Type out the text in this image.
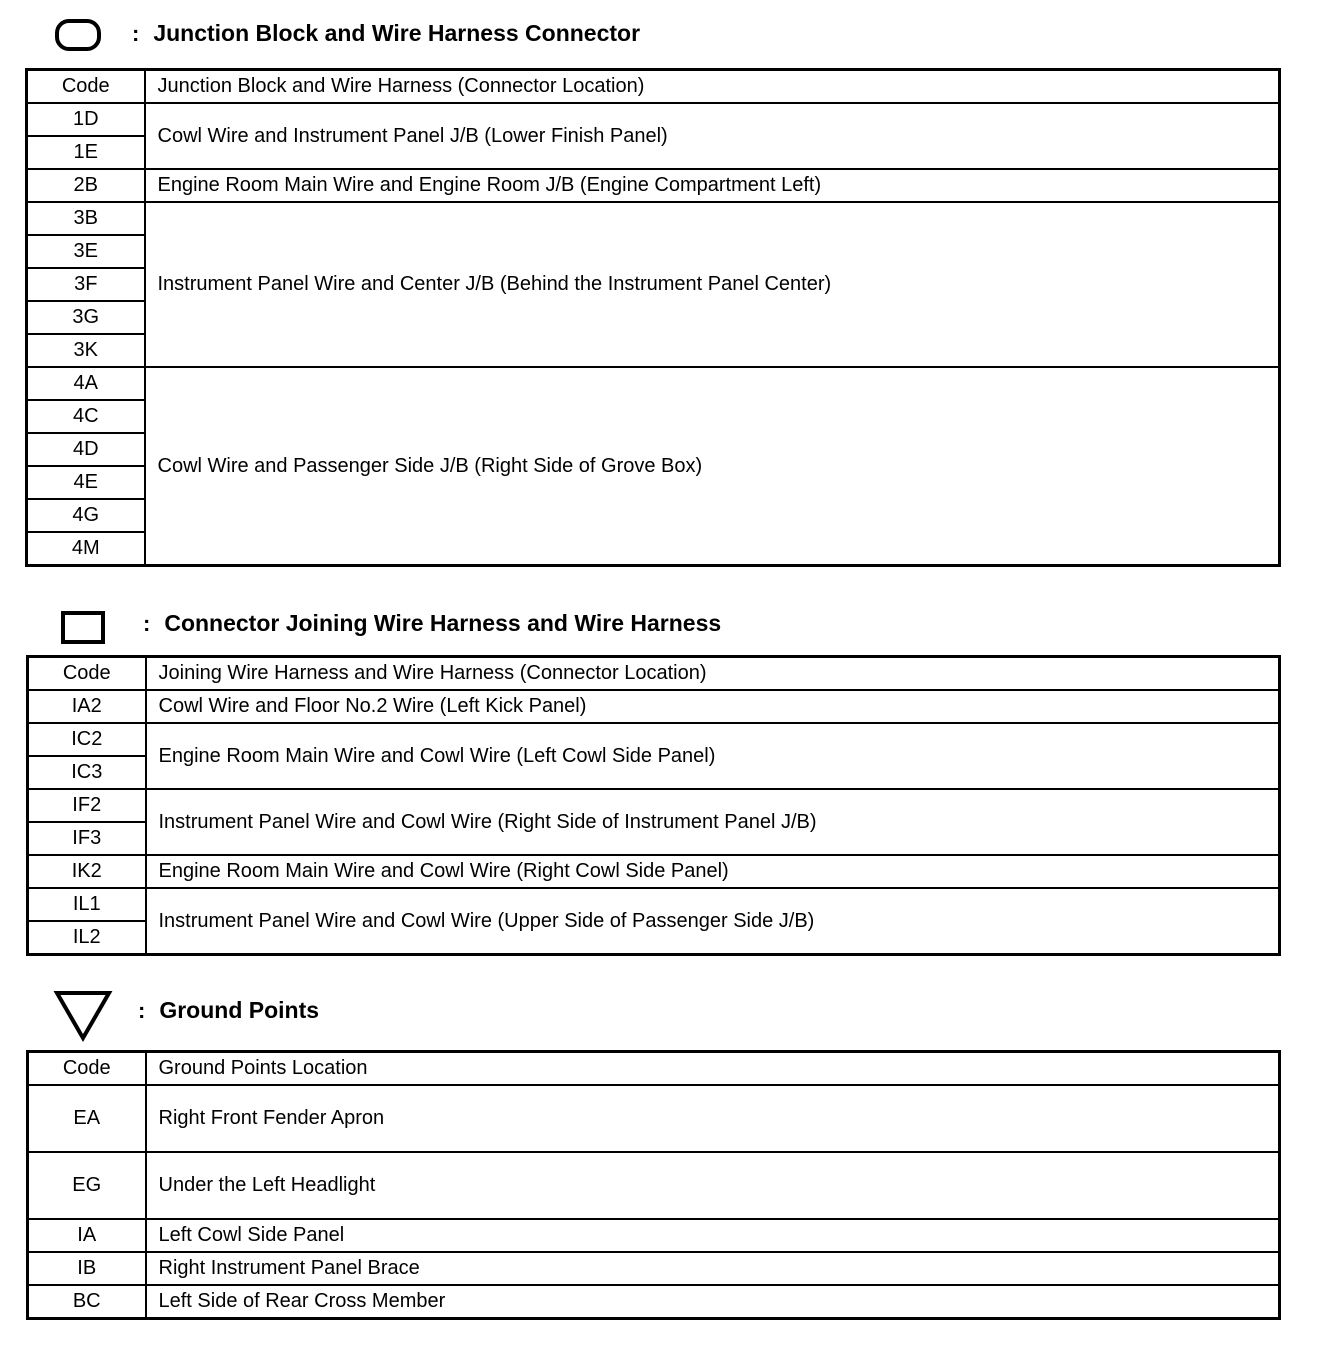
: Junction Block and Wire Harness Connector
Code	Junction Block and Wire Harness (Connector Location)
1D	Cowl Wire and Instrument Panel J/B (Lower Finish Panel)
1E	
2B	Engine Room Main Wire and Engine Room J/B (Engine Compartment Left)
3B	Instrument Panel Wire and Center J/B (Behind the Instrument Panel Center)
3E	
3F	
3G	
3K	
4A	Cowl Wire and Passenger Side J/B (Right Side of Grove Box)
4C	
4D	
4E	
4G	
4M	
: Connector Joining Wire Harness and Wire Harness
Code	Joining Wire Harness and Wire Harness (Connector Location)
IA2	Cowl Wire and Floor No.2 Wire (Left Kick Panel)
IC2	Engine Room Main Wire and Cowl Wire (Left Cowl Side Panel)
IC3	
IF2	Instrument Panel Wire and Cowl Wire (Right Side of Instrument Panel J/B)
IF3	
IK2	Engine Room Main Wire and Cowl Wire (Right Cowl Side Panel)
IL1	Instrument Panel Wire and Cowl Wire (Upper Side of Passenger Side J/B)
IL2	
: Ground Points
Code	Ground Points Location
EA	Right Front Fender Apron
EG	Under the Left Headlight
IA	Left Cowl Side Panel
IB	Right Instrument Panel Brace
BC	Left Side of Rear Cross Member
